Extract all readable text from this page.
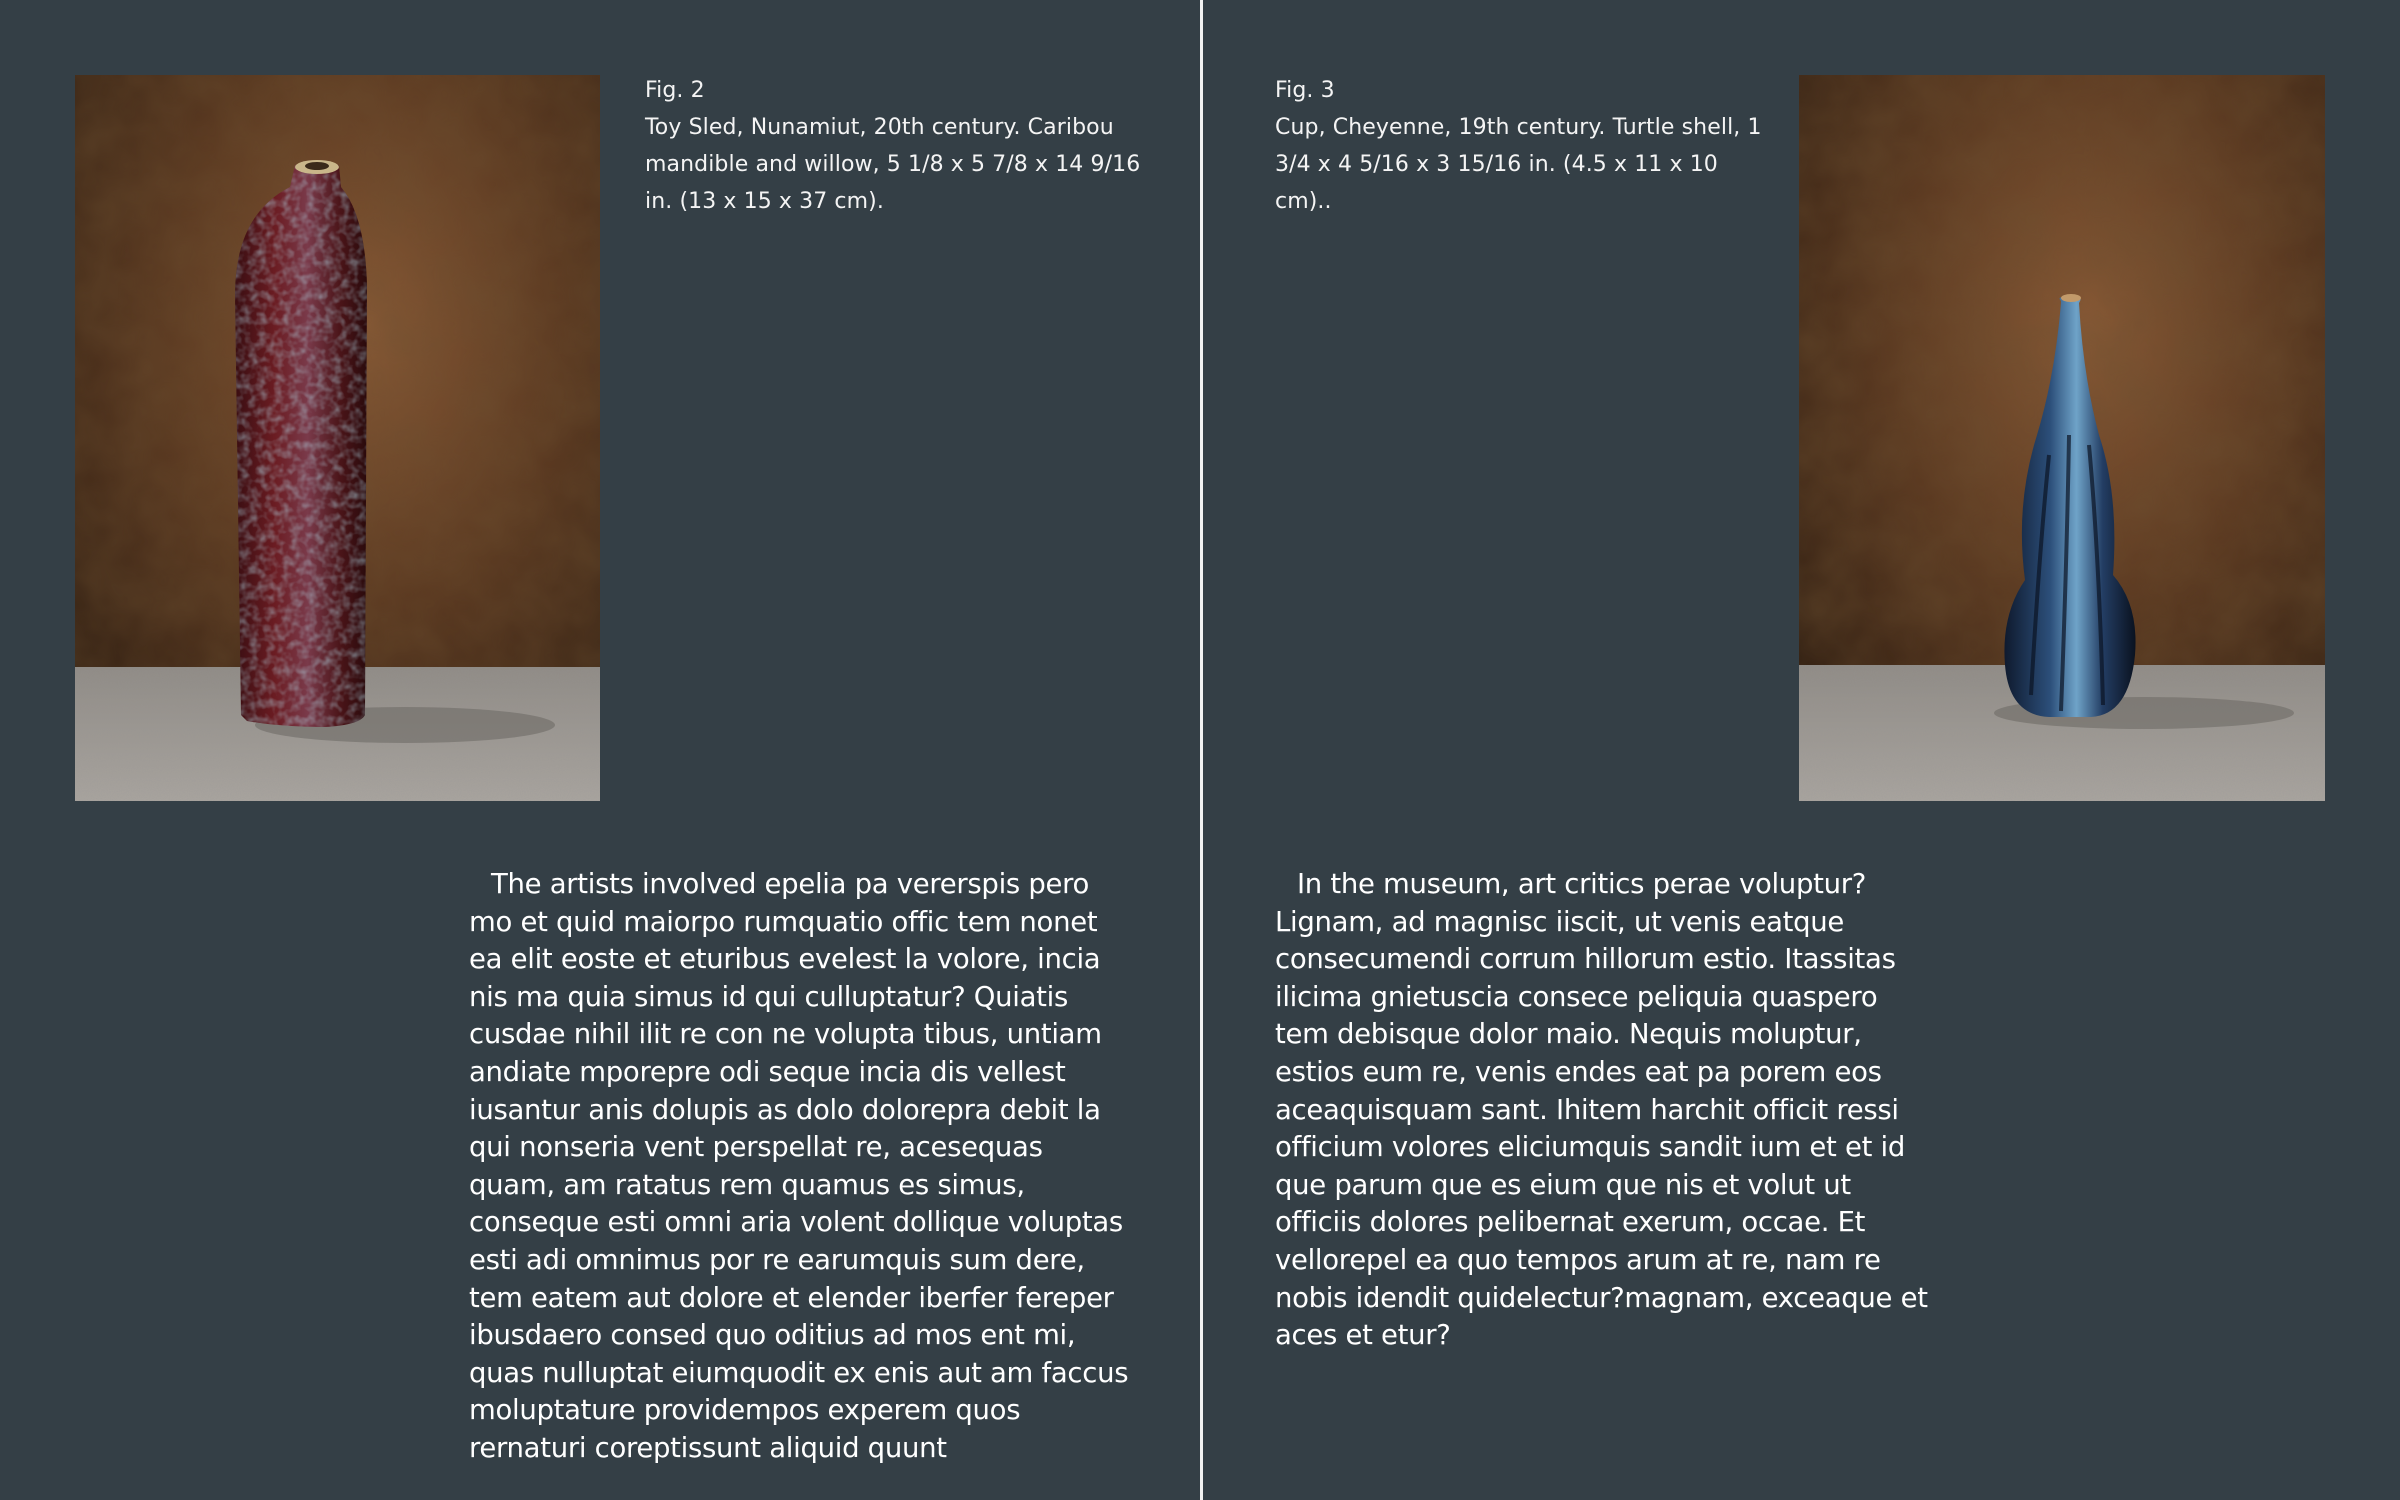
Fig. 2
Toy Sled, Nunamiut, 20th century. Caribou mandible and willow, 5 1/8 x 5 7/8 x 14 9/16 in. (13 x 15 x 37 cm).

The artists involved epelia pa vererspis pero mo et quid maiorpo rumquatio offic tem nonet ea elit eoste et eturibus evelest la volore, incia nis ma quia simus id qui culluptatur? Quiatis cusdae nihil ilit re con ne volupta tibus, untiam andiate mporepre odi seque incia dis vellest iusantur anis dolupis as dolo dolorepra debit la qui nonseria vent perspellat re, acesequas quam, am ratatus rem quamus es simus, conseque esti omni aria volent dollique voluptas esti adi omnimus por re earumquis sum dere, tem eatem aut dolore et elender iberfer fereper ibusdaero consed quo oditius ad mos ent mi, quas nulluptat eiumquodit ex enis aut am faccus moluptature providempos experem quos rernaturi coreptissunt aliquid quunt

Fig. 3
Cup, Cheyenne, 19th century. Turtle shell, 1 3/4 x 4 5/16 x 3 15/16 in. (4.5 x 11 x 10 cm)..

In the museum, art critics perae voluptur? Lignam, ad magnisc iiscit, ut venis eatque consecumendi corrum hillorum estio. Itassitas ilicima gnietuscia consece peliquia quaspero tem debisque dolor maio. Nequis moluptur, estios eum re, venis endes eat pa porem eos aceaquisquam sant. Ihitem harchit officit ressi officium volores eliciumquis sandit ium et et id que parum que es eium que nis et volut ut officiis dolores pelibernat exerum, occae. Et vellorepel ea quo tempos arum at re, nam re nobis idendit quidelectur?magnam, exceaque et aces et etur?
